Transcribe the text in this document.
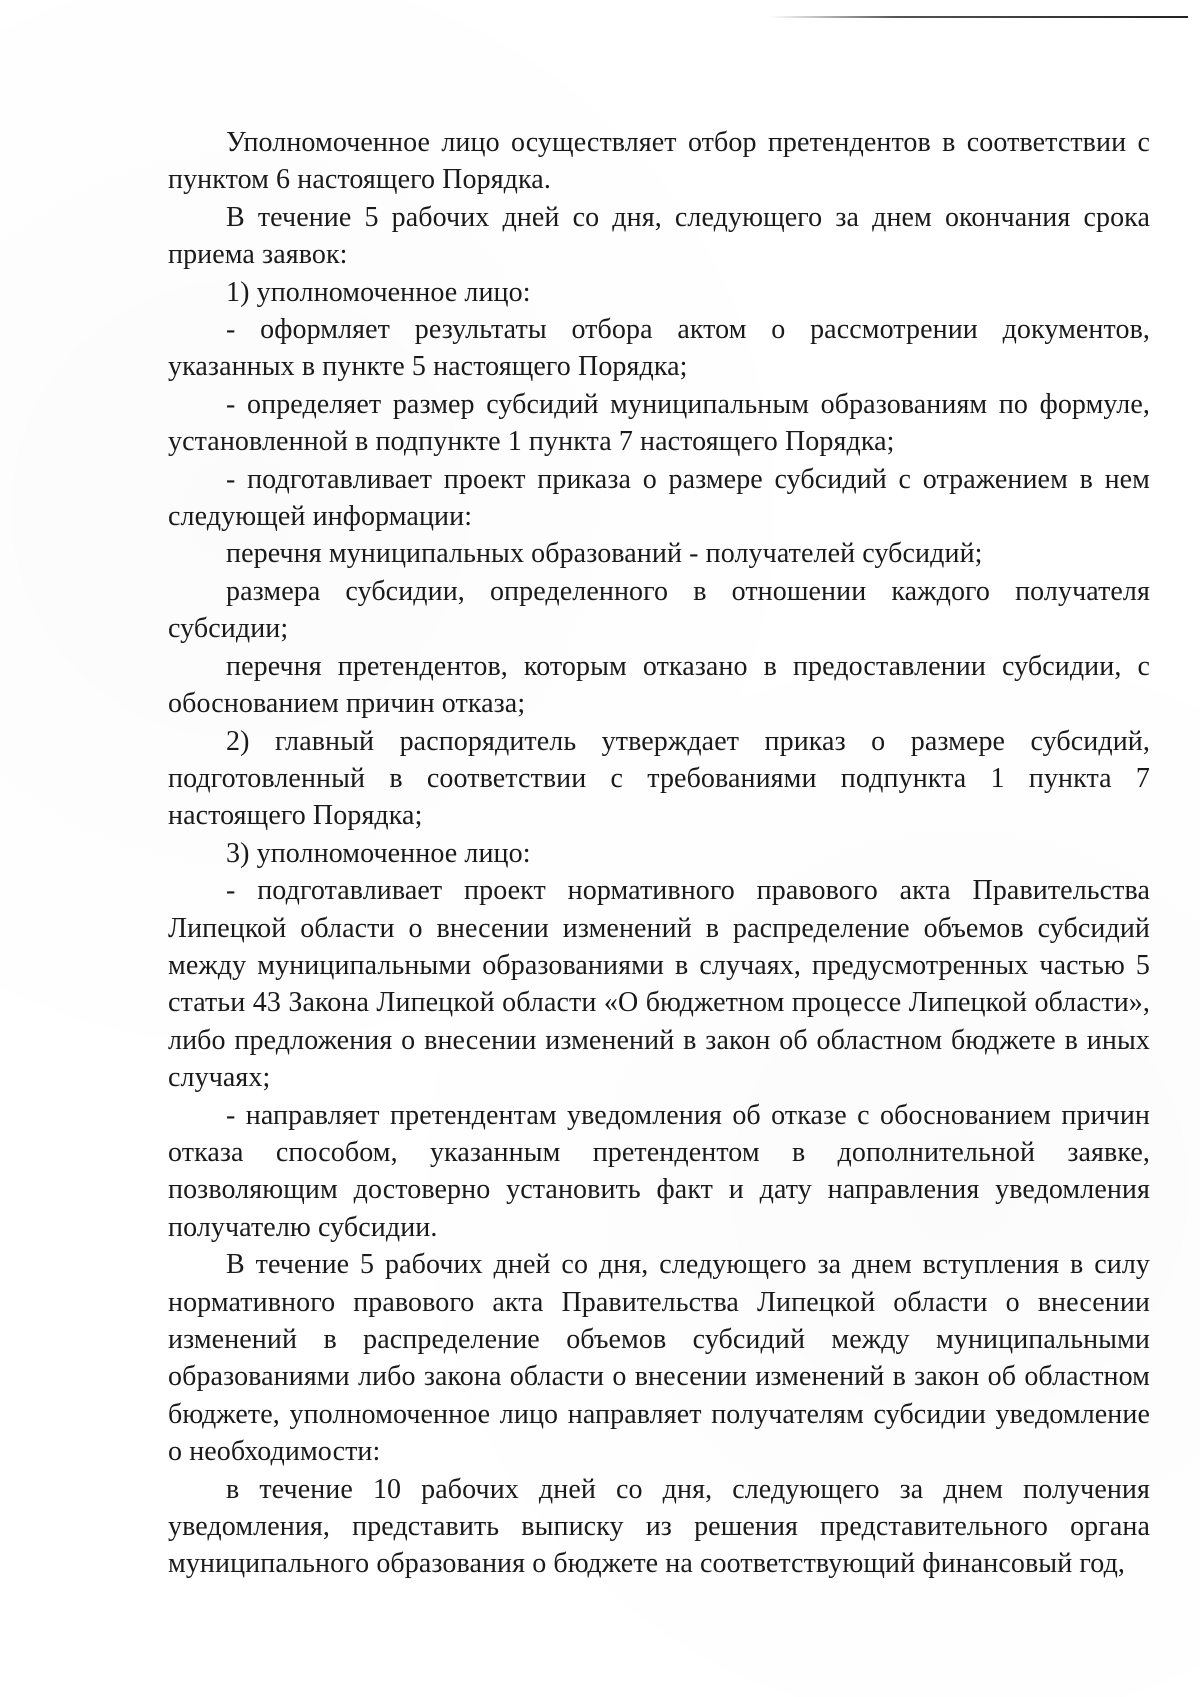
Уполномоченное лицо осуществляет отбор претендентов в соответствии с пунктом 6 настоящего Порядка.

В течение 5 рабочих дней со дня, следующего за днем окончания срока приема заявок:

1) уполномоченное лицо:

- оформляет результаты отбора актом о рассмотрении документов, указанных в пункте 5 настоящего Порядка;

- определяет размер субсидий муниципальным образованиям по формуле, установленной в подпункте 1 пункта 7 настоящего Порядка;

- подготавливает проект приказа о размере субсидий с отражением в нем следующей информации:

перечня муниципальных образований - получателей субсидий;

размера субсидии, определенного в отношении каждого получателя субсидии;

перечня претендентов, которым отказано в предоставлении субсидии, с обоснованием причин отказа;

2) главный распорядитель утверждает приказ о размере субсидий, подготовленный в соответствии с требованиями подпункта 1 пункта 7 настоящего Порядка;

3) уполномоченное лицо:

- подготавливает проект нормативного правового акта Правительства Липецкой области о внесении изменений в распределение объемов субсидий между муниципальными образованиями в случаях, предусмотренных частью 5 статьи 43 Закона Липецкой области «О бюджетном процессе Липецкой области», либо предложения о внесении изменений в закон об областном бюджете в иных случаях;

- направляет претендентам уведомления об отказе с обоснованием причин отказа способом, указанным претендентом в дополнительной заявке, позволяющим достоверно установить факт и дату направления уведомления получателю субсидии.

В течение 5 рабочих дней со дня, следующего за днем вступления в силу нормативного правового акта Правительства Липецкой области о внесении изменений в распределение объемов субсидий между муниципальными образованиями либо закона области о внесении изменений в закон об областном бюджете, уполномоченное лицо направляет получателям субсидии уведомление о необходимости:

в течение 10 рабочих дней со дня, следующего за днем получения уведомления, представить выписку из решения представительного органа муниципального образования о бюджете на соответствующий финансовый год,
